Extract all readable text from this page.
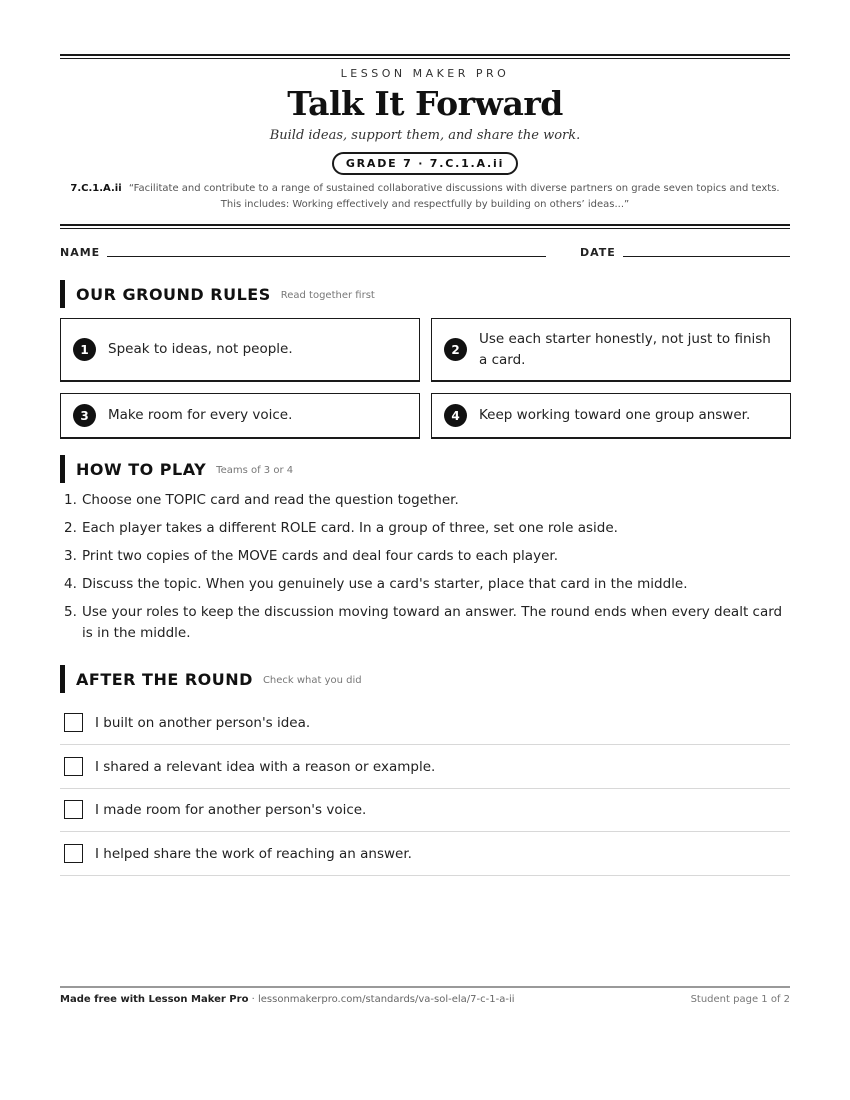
LESSON MAKER PRO
Talk It Forward
Build ideas, support them, and share the work.
GRADE 7 · 7.C.1.A.ii
7.C.1.A.ii “Facilitate and contribute to a range of sustained collaborative discussions with diverse partners on grade seven topics and texts. This includes: Working effectively and respectfully by building on others’ ideas...”
NAME	DATE
OUR GROUND RULES Read together first
1	Speak to ideas, not people.	2
Use each starter honestly, not just to finish a card.
3	Make room for every voice.	4	Keep working toward one group answer.
HOW TO PLAY Teams of 3 or 4
1. Choose one TOPIC card and read the question together.
2. Each player takes a different ROLE card. In a group of three, set one role aside.
3. Print two copies of the MOVE cards and deal four cards to each player.
4. Discuss the topic. When you genuinely use a card's starter, place that card in the middle.
5. Use your roles to keep the discussion moving toward an answer. The round ends when every dealt card is in the middle.
AFTER THE ROUND Check what you did
I built on another person's idea.
I shared a relevant idea with a reason or example.
I made room for another person's voice.
I helped share the work of reaching an answer.
Made free with Lesson Maker Pro · lessonmakerpro.com/standards/va-sol-ela/7-c-1-a-ii	Student page 1 of 2
